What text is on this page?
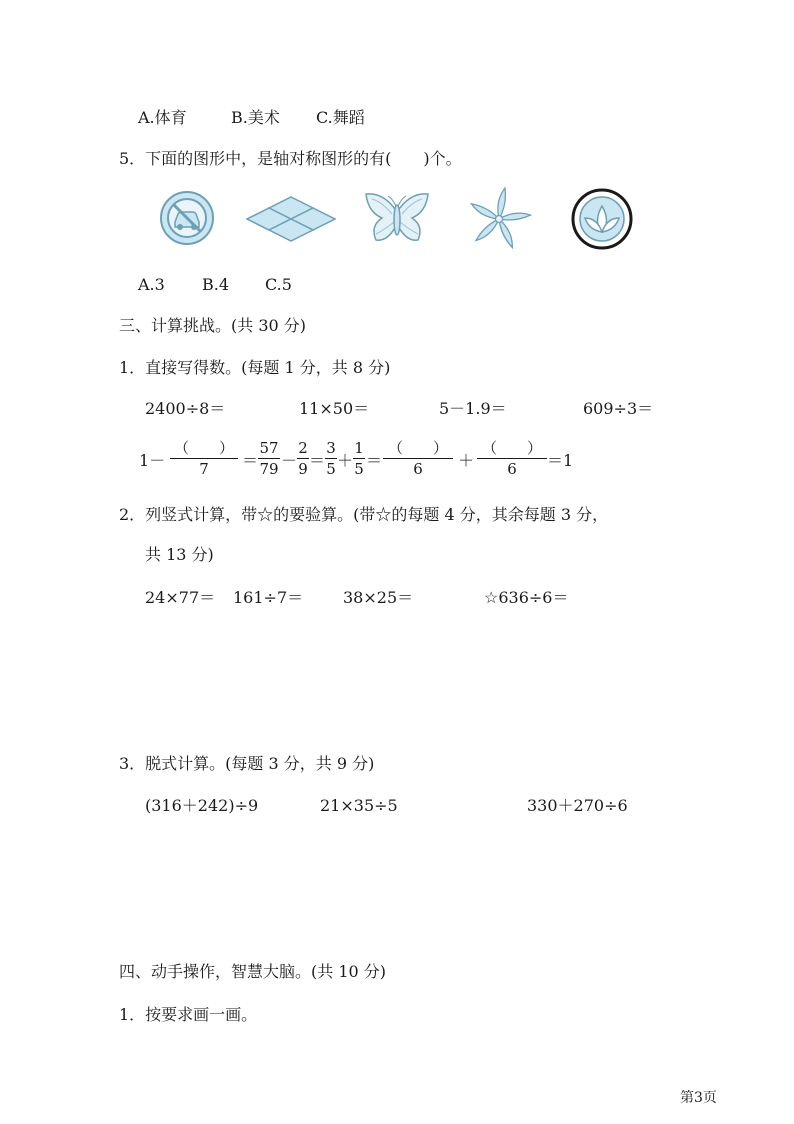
A.体育	B.美术 C.舞蹈
5．下面的图形中，是轴对称图形的有(　　)个。
A.3 B.4 C.5
三、计算挑战。(共 30 分)
1．直接写得数。(每题 1 分，共 8 分)
2400÷8＝	11×50＝	5－1.9＝	609÷3＝
1－
（　　）
7	＝
57
79 －
2
9 ＝
3
5 ＋
1
5 ＝
（　　）
6	＋
（　　）
6	＝1
2．列竖式计算，带☆的要验算。(带☆的每题 4 分，其余每题 3 分，
共 13 分)
24×77＝ 161÷7＝ 38×25＝	☆636÷6＝
3．脱式计算。(每题 3 分，共 9 分)
(316＋242)÷9	21×35÷5	330＋270÷6
四、动手操作，智慧大脑。(共 10 分)
1．按要求画一画。
第3页
